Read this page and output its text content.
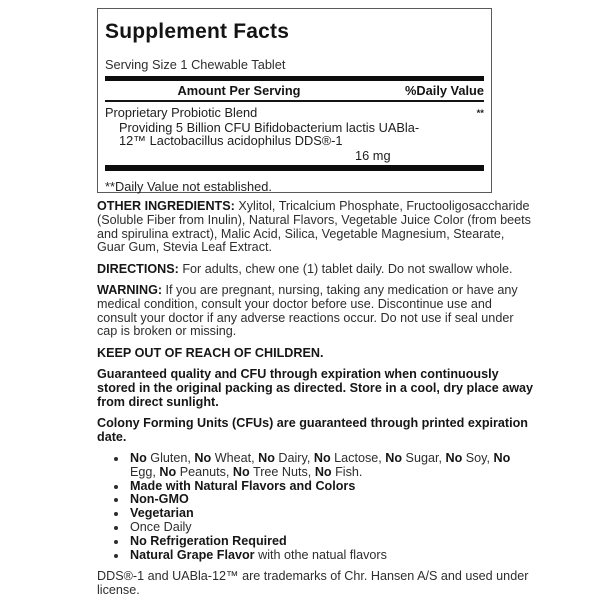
Supplement Facts
Serving Size 1 Chewable Tablet
Amount Per Serving	%Daily Value
Proprietary Probiotic Blend	**
Providing 5 Billion CFU Bifidobacterium lactis UABla-
12™ Lactobacillus acidophilus DDS®-1
16 mg
**Daily Value not established.

OTHER INGREDIENTS: Xylitol, Tricalcium Phosphate, Fructooligosaccharide (Soluble Fiber from Inulin), Natural Flavors, Vegetable Juice Color (from beets and spirulina extract), Malic Acid, Silica, Vegetable Magnesium, Stearate, Guar Gum, Stevia Leaf Extract.

DIRECTIONS: For adults, chew one (1) tablet daily. Do not swallow whole.

WARNING: If you are pregnant, nursing, taking any medication or have any medical condition, consult your doctor before use. Discontinue use and consult your doctor if any adverse reactions occur. Do not use if seal under cap is broken or missing.

KEEP OUT OF REACH OF CHILDREN.

Guaranteed quality and CFU through expiration when continuously stored in the original packing as directed. Store in a cool, dry place away from direct sunlight.

Colony Forming Units (CFUs) are guaranteed through printed expiration date.

• No Gluten, No Wheat, No Dairy, No Lactose, No Sugar, No Soy, No Egg, No Peanuts, No Tree Nuts, No Fish.
• Made with Natural Flavors and Colors
• Non-GMO
• Vegetarian
• Once Daily
• No Refrigeration Required
• Natural Grape Flavor with othe natual flavors

DDS®-1 and UABla-12™ are trademarks of Chr. Hansen A/S and used under license.
